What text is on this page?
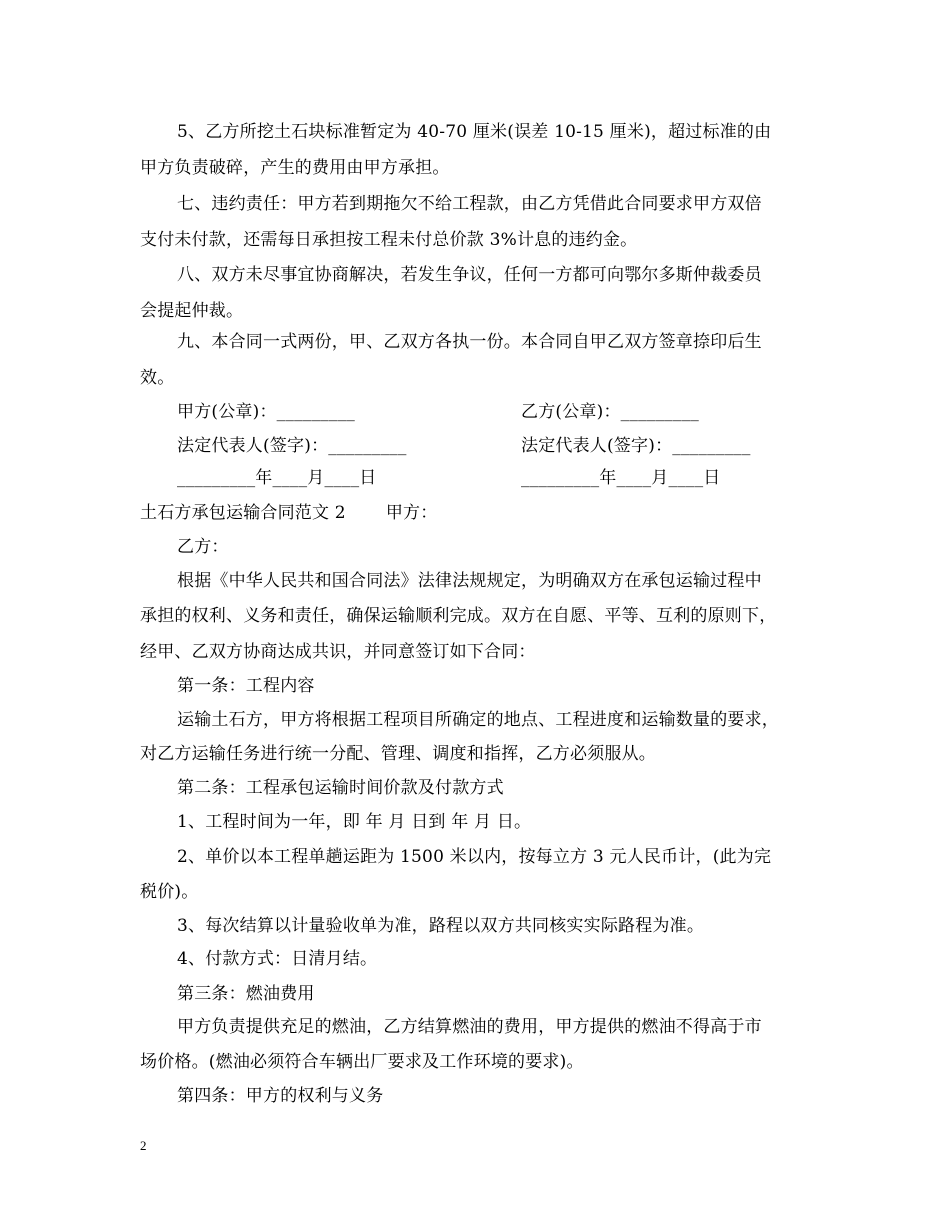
5、乙方所挖土石块标准暂定为 40-70 厘米(误差 10-15 厘米)，超过标准的由
甲方负责破碎，产生的费用由甲方承担。
七、违约责任：甲方若到期拖欠不给工程款，由乙方凭借此合同要求甲方双倍
支付未付款，还需每日承担按工程未付总价款 3%计息的违约金。
八、双方未尽事宜协商解决，若发生争议，任何一方都可向鄂尔多斯仲裁委员
会提起仲裁。
九、本合同一式两份，甲、乙双方各执一份。本合同自甲乙双方签章捺印后生
效。
甲方(公章)：_________	乙方(公章)：_________
法定代表人(签字)：_________	法定代表人(签字)：_________
_________年____月____日	_________年____月____日
土石方承包运输合同范文 2　　 甲方：
乙方：
根据《中华人民共和国合同法》法律法规规定，为明确双方在承包运输过程中
承担的权利、义务和责任，确保运输顺利完成。双方在自愿、平等、互利的原则下，
经甲、乙双方协商达成共识，并同意签订如下合同：
第一条：工程内容
运输土石方，甲方将根据工程项目所确定的地点、工程进度和运输数量的要求，
对乙方运输任务进行统一分配、管理、调度和指挥，乙方必须服从。
第二条：工程承包运输时间价款及付款方式
1、工程时间为一年，即 年 月 日到 年 月 日。
2、单价以本工程单趟运距为 1500 米以内，按每立方 3 元人民币计，(此为完
税价)。
3、每次结算以计量验收单为准，路程以双方共同核实实际路程为准。
4、付款方式：日清月结。
第三条：燃油费用
甲方负责提供充足的燃油，乙方结算燃油的费用，甲方提供的燃油不得高于市
场价格。(燃油必须符合车辆出厂要求及工作环境的要求)。
第四条：甲方的权利与义务
2
